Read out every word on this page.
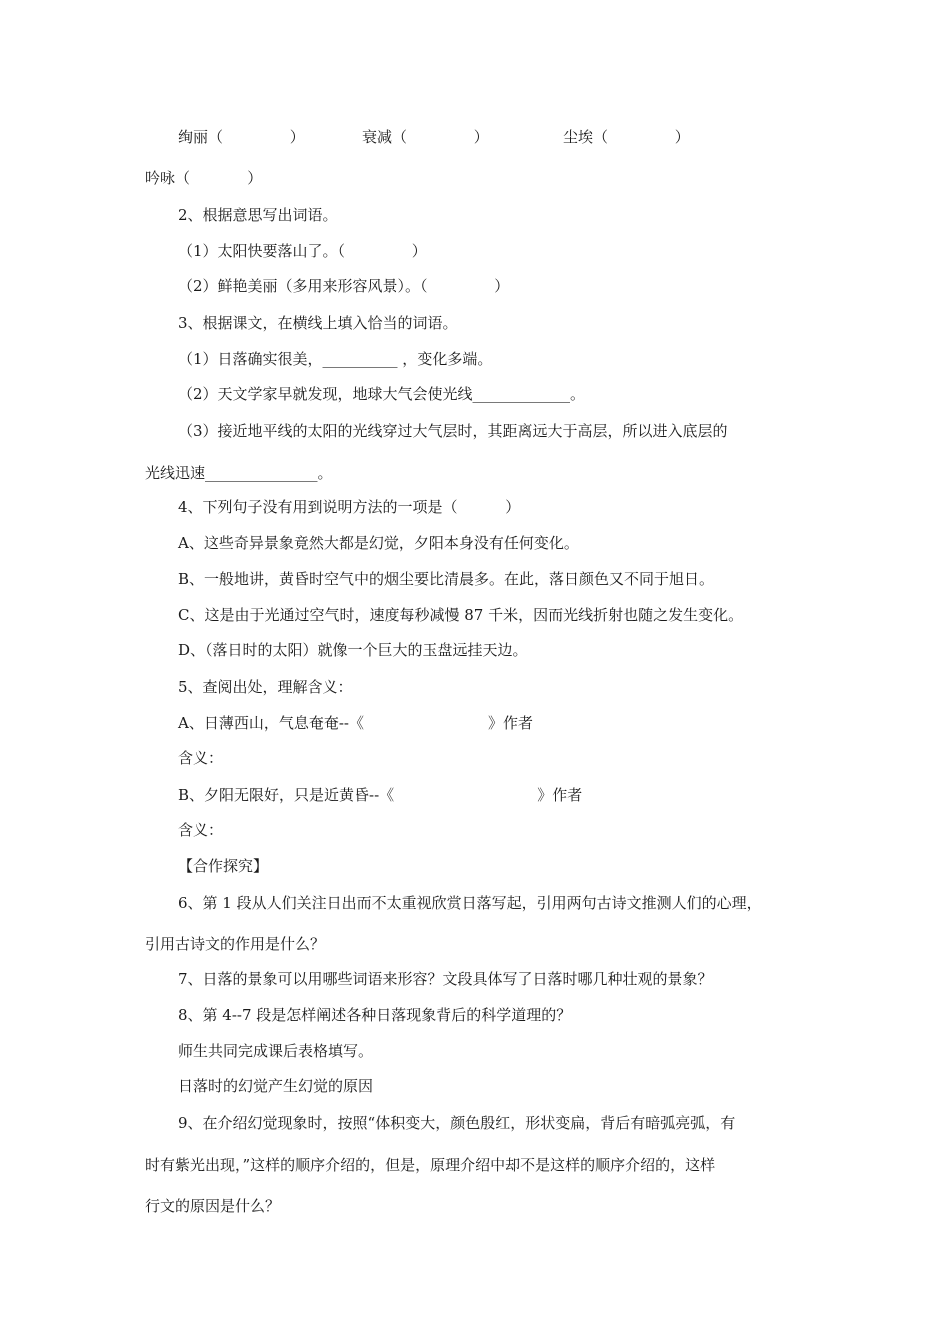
绚丽（              ）	衰减（              ）	尘埃（              ）
吟咏（            ）
2、根据意思写出词语。
（1）太阳快要落山了。（              ）
（2）鲜艳美丽（多用来形容风景）。（              ）
3、根据课文，在横线上填入恰当的词语。
（1）日落确实很美，__________ ，变化多端。
（2）天文学家早就发现，地球大气会使光线_____________。
（3）接近地平线的太阳的光线穿过大气层时，其距离远大于高层，所以进入底层的
光线迅速_______________。
4、下列句子没有用到说明方法的一项是（          ）
A、这些奇异景象竟然大都是幻觉，夕阳本身没有任何变化。
B、一般地讲，黄昏时空气中的烟尘要比清晨多。在此，落日颜色又不同于旭日。
C、这是由于光通过空气时，速度每秒减慢 87 千米，因而光线折射也随之发生变化。
D、（落日时的太阳）就像一个巨大的玉盘远挂天边。
5、查阅出处，理解含义：
A、日薄西山，气息奄奄--《                          》作者
含义：
B、夕阳无限好，只是近黄昏--《                              》作者
含义：
【合作探究】
6、第 1 段从人们关注日出而不太重视欣赏日落写起，引用两句古诗文推测人们的心理，
引用古诗文的作用是什么？
7、日落的景象可以用哪些词语来形容？文段具体写了日落时哪几种壮观的景象？
8、第 4--7 段是怎样阐述各种日落现象背后的科学道理的？
师生共同完成课后表格填写。
日落时的幻觉产生幻觉的原因
9、在介绍幻觉现象时，按照“体积变大，颜色殷红，形状变扁，背后有暗弧亮弧，有
时有紫光出现，”这样的顺序介绍的，但是，原理介绍中却不是这样的顺序介绍的，这样
行文的原因是什么？
